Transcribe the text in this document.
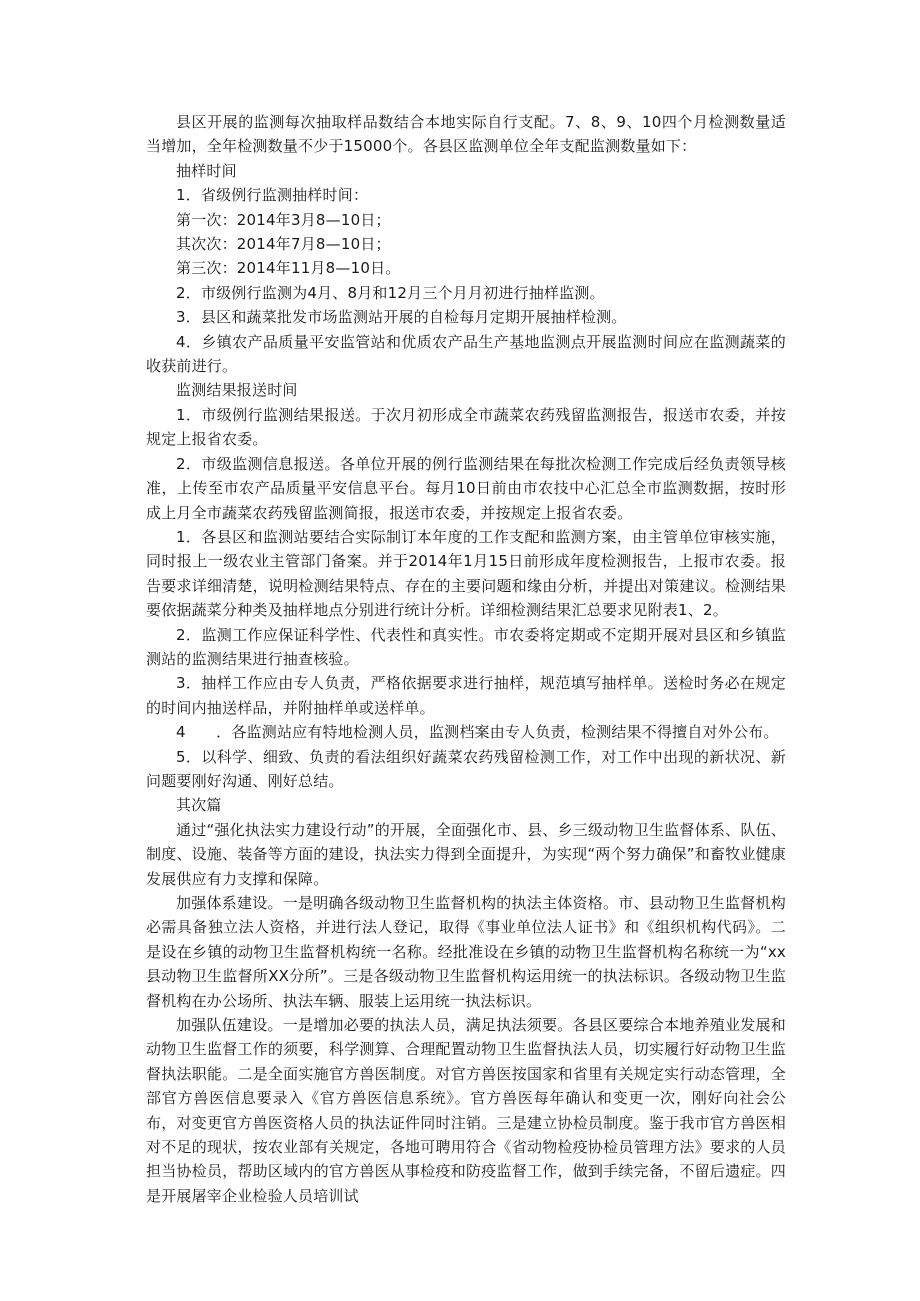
县区开展的监测每次抽取样品数结合本地实际自行支配。7、8、9、10四个月检测数量适当增加，全年检测数量不少于15000个。各县区监测单位全年支配监测数量如下：

抽样时间

1．省级例行监测抽样时间：

第一次：2014年3月8—10日；

其次次：2014年7月8—10日；

第三次：2014年11月8—10日。

2．市级例行监测为4月、8月和12月三个月月初进行抽样监测。

3．县区和蔬菜批发市场监测站开展的自检每月定期开展抽样检测。

4．乡镇农产品质量平安监管站和优质农产品生产基地监测点开展监测时间应在监测蔬菜的收获前进行。

监测结果报送时间

1．市级例行监测结果报送。于次月初形成全市蔬菜农药残留监测报告，报送市农委，并按规定上报省农委。

2．市级监测信息报送。各单位开展的例行监测结果在每批次检测工作完成后经负责领导核准，上传至市农产品质量平安信息平台。每月10日前由市农技中心汇总全市监测数据，按时形成上月全市蔬菜农药残留监测简报，报送市农委，并按规定上报省农委。

1．各县区和监测站要结合实际制订本年度的工作支配和监测方案，由主管单位审核实施，同时报上一级农业主管部门备案。并于2014年1月15日前形成年度检测报告，上报市农委。报告要求详细清楚，说明检测结果特点、存在的主要问题和缘由分析，并提出对策建议。检测结果要依据蔬菜分种类及抽样地点分别进行统计分析。详细检测结果汇总要求见附表1、2。

2．监测工作应保证科学性、代表性和真实性。市农委将定期或不定期开展对县区和乡镇监测站的监测结果进行抽查核验。

3．抽样工作应由专人负责，严格依据要求进行抽样，规范填写抽样单。送检时务必在规定的时间内抽送样品，并附抽样单或送样单。

4　　．各监测站应有特地检测人员，监测档案由专人负责，检测结果不得擅自对外公布。

5．以科学、细致、负责的看法组织好蔬菜农药残留检测工作，对工作中出现的新状况、新问题要刚好沟通、刚好总结。

其次篇

通过“强化执法实力建设行动”的开展，全面强化市、县、乡三级动物卫生监督体系、队伍、制度、设施、装备等方面的建设，执法实力得到全面提升，为实现“两个努力确保”和畜牧业健康发展供应有力支撑和保障。

加强体系建设。一是明确各级动物卫生监督机构的执法主体资格。市、县动物卫生监督机构必需具备独立法人资格，并进行法人登记，取得《事业单位法人证书》和《组织机构代码》。二是设在乡镇的动物卫生监督机构统一名称。经批准设在乡镇的动物卫生监督机构名称统一为“xx县动物卫生监督所XX分所”。三是各级动物卫生监督机构运用统一的执法标识。各级动物卫生监督机构在办公场所、执法车辆、服装上运用统一执法标识。

加强队伍建设。一是增加必要的执法人员，满足执法须要。各县区要综合本地养殖业发展和动物卫生监督工作的须要，科学测算、合理配置动物卫生监督执法人员，切实履行好动物卫生监督执法职能。二是全面实施官方兽医制度。对官方兽医按国家和省里有关规定实行动态管理，全部官方兽医信息要录入《官方兽医信息系统》。官方兽医每年确认和变更一次，刚好向社会公布，对变更官方兽医资格人员的执法证件同时注销。三是建立协检员制度。鉴于我市官方兽医相对不足的现状，按农业部有关规定，各地可聘用符合《省动物检疫协检员管理方法》要求的人员担当协检员，帮助区域内的官方兽医从事检疫和防疫监督工作，做到手续完备，不留后遗症。四是开展屠宰企业检验人员培训试
